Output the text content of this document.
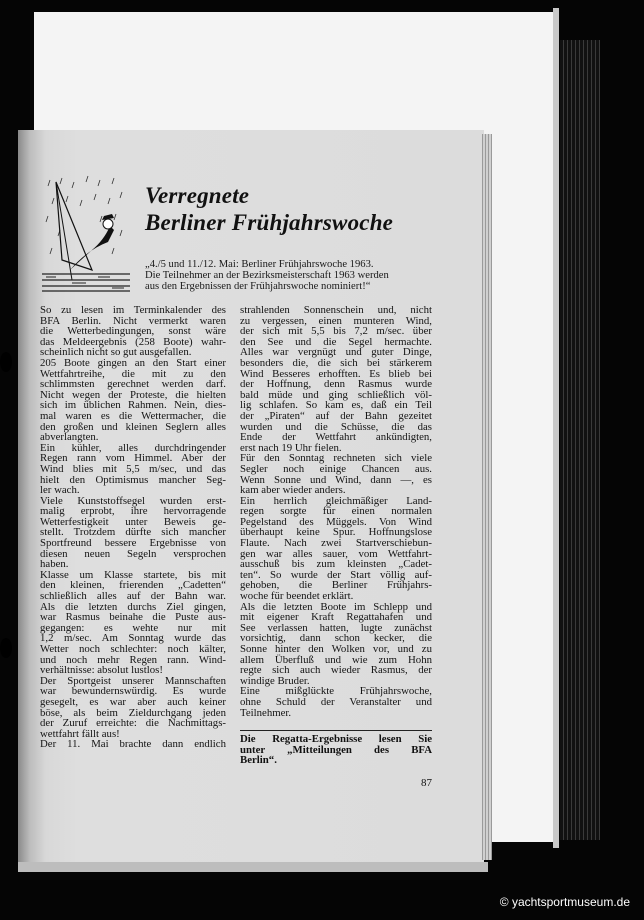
Verregnete
Berliner Frühjahrswoche
„4./5 und 11./12. Mai: Berliner Frühjahrswoche 1963.
Die Teilnehmer an der Bezirksmeisterschaft 1963 werden
aus den Ergebnissen der Frühjahrswoche nominiert!“
So zu lesen im Terminkalender des
BFA Berlin. Nicht vermerkt waren
die Wetterbedingungen, sonst wäre
das Meldeergebnis (258 Boote) wahr-
scheinlich nicht so gut ausgefallen.
205 Boote gingen an den Start einer
Wettfahrtreihe, die mit zu den
schlimmsten gerechnet werden darf.
Nicht wegen der Proteste, die hielten
sich im üblichen Rahmen. Nein, dies-
mal waren es die Wettermacher, die
den großen und kleinen Seglern alles
abverlangten.
Ein kühler, alles durchdringender
Regen rann vom Himmel. Aber der
Wind blies mit 5,5 m/sec, und das
hielt den Optimismus mancher Seg-
ler wach.
Viele Kunststoffsegel wurden erst-
malig erprobt, ihre hervorragende
Wetterfestigkeit unter Beweis ge-
stellt. Trotzdem dürfte sich mancher
Sportfreund bessere Ergebnisse von
diesen neuen Segeln versprochen
haben.
Klasse um Klasse startete, bis mit
den kleinen, frierenden „Cadetten“
schließlich alles auf der Bahn war.
Als die letzten durchs Ziel gingen,
war Rasmus beinahe die Puste aus-
gegangen: es wehte nur mit
1,2 m/sec. Am Sonntag wurde das
Wetter noch schlechter: noch kälter,
und noch mehr Regen rann. Wind-
verhältnisse: absolut lustlos!
Der Sportgeist unserer Mannschaften
war bewundernswürdig. Es wurde
gesegelt, es war aber auch keiner
böse, als beim Zieldurchgang jeden
der Zuruf erreichte: die Nachmittags-
wettfahrt fällt aus!
Der 11. Mai brachte dann endlich
strahlenden Sonnenschein und, nicht
zu vergessen, einen munteren Wind,
der sich mit 5,5 bis 7,2 m/sec. über
den See und die Segel hermachte.
Alles war vergnügt und guter Dinge,
besonders die, die sich bei stärkerem
Wind Besseres erhofften. Es blieb bei
der Hoffnung, denn Rasmus wurde
bald müde und ging schließlich völ-
lig schlafen. So kam es, daß ein Teil
der „Piraten“ auf der Bahn gezeitet
wurden und die Schüsse, die das
Ende der Wettfahrt ankündigten,
erst nach 19 Uhr fielen.
Für den Sonntag rechneten sich viele
Segler noch einige Chancen aus.
Wenn Sonne und Wind, dann —, es
kam aber wieder anders.
Ein herrlich gleichmäßiger Land-
regen sorgte für einen normalen
Pegelstand des Müggels. Von Wind
überhaupt keine Spur. Hoffnungslose
Flaute. Nach zwei Startverschiebun-
gen war alles sauer, vom Wettfahrt-
ausschuß bis zum kleinsten „Cadet-
ten“. So wurde der Start völlig auf-
gehoben, die Berliner Frühjahrs-
woche für beendet erklärt.
Als die letzten Boote im Schlepp und
mit eigener Kraft Regattahafen und
See verlassen hatten, lugte zunächst
vorsichtig, dann schon kecker, die
Sonne hinter den Wolken vor, und zu
allem Überfluß und wie zum Hohn
regte sich auch wieder Rasmus, der
windige Bruder.
Eine mißglückte Frühjahrswoche,
ohne Schuld der Veranstalter und
Teilnehmer.
Die Regatta-Ergebnisse lesen Sie
unter „Mitteilungen des BFA
Berlin“.
87
© yachtsportmuseum.de
